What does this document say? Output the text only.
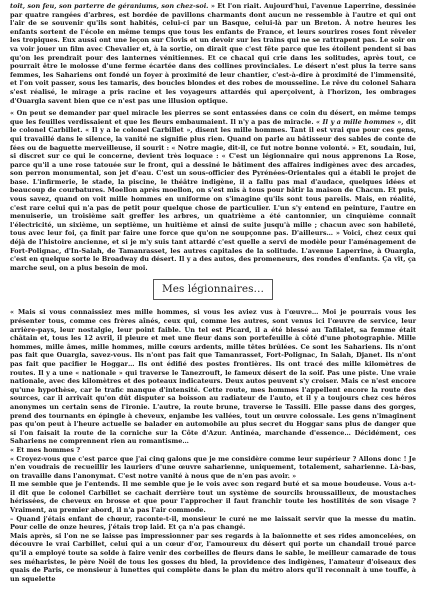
toit, son feu, son parterre de géraniums, son chez-soi. » Et l'on riait. Aujourd'hui, l'avenue Laperrine, dessinée par quatre rangées d'arbres, est bordée de pavillons charmants dont aucun ne ressemble à l'autre et qui ont l'air de se souvenir qu'ils sont habités, celui-ci par un Basque, celui-là par un Breton. À notre heures les enfants sortent de l'école en même temps que tous les enfants de France, et leurs sourires roses font rêveler les tropiques. Eux aussi ont une leçon sur Clovis et un devoir sur les trains qui ne se rattrapent pas. Le soir on va voir jouer un film avec Chevalier et, à la sortie, on dirait que c'est fête parce que les étoilent pendent si bas qu'on les prendrait pour des lanternes vénitiennes. Et ce chacal qui crie dans les solitudes, après tout, ce pourrait être le molosse d'une ferme écartée dans des collines provinciales. Le désert n'est plus la terre sans femmes, les Sahariens ont fondé un foyer à proximité de leur chantier, c'est-à-dire à proximité de l'immensité, et l'on voit passer, sous les tamaris, des boucles blondes et des robes de mousseline. Le rêve du colonel Sahara s'est réalisé, le mirage a pris racine et les voyageurs attardés qui aperçoivent, à l'horizon, les ombrages d'Ouargla savent bien que ce n'est pas une illusion optique.

« On peut se demander par quel miracle les pierres se sont entassées dans ce coin du désert, en même temps que les feuilles verdissaient et que les fleurs embaumaient. Il n'y a pas de miracle. « Il y a mille hommes », dit le colonel Carbillet. « Il y a le colonel Carbillet », disent les mille hommes. Tant il est vrai que pour ces gens, qui travaillé dans le silence, la vanité ne signifie plus rien. Quand on parle au bâtisseur des sables de conte de fées ou de baguette merveilleuse, il sourit : « Notre magie, dit-il, ce fut notre bonne volonté. » Et, soudain, lui, si discret sur ce qui le concerne, devient très loquace : « C'est un légionnaire qui nous apprenons La Rose, parce qu'il a une rose tatouée sur le front, qui a dessiné le bâtiment des affaires indigènes avec des arcades, son perron monumental, son jet d'eau. C'est un sous-officier des Pyrénées-Orientales qui a établi le projet de base. L'infirmerie, le stade, la piscine, le théâtre indigène, il a fallu pas mal d'audace, quelques idées et beaucoup de courbatures. Moellon après moellon, on s'est mis à tous pour bâtir la maison de Chacun. Et puis, vous savez, quand on voit mille hommes en uniforme on s'imagine qu'ils sont tous pareils. Mais, en réalité, c'est rare celui qui n'a pas de petit pour quelque chose de particulier. L'un s'y entend en peinture, l'autre en menuiserie, un troisième sait greffer les arbres, un quatrième a été cantonnier, un cinquième connaît l'électricité, un sixième, un septième, un huitième et ainsi de suite jusqu'à mille ; chacun avec son habileté, tous avec leur foi, ça finit par faire une force que qu'on ne soupçonne pas. D'ailleurs… » Voici, chez ceux qui déjà de l'histoire ancienne, et si je m'y suis tant attardé c'est quelle a servi de modèle pour l'aménagement de Fort-Polignac, d'In-Salah, de Tamanrasset, les autres capitales de la solitude. L'avenue Laperrine, à Ouargla, c'est en quelque sorte le Broadway du désert. Il y a des autos, des promeneurs, des rondes d'enfants. Ça vit, ça marche seul, on a plus besoin de moi.

Mes légionnaires…

« Mais si vous connaissiez mes mille hommes, si vous les aviez vus à l'œuvre… Moi je pourrais vous les présenter tous, comme ces frères aînés, ceux qui, comme les autres, sont venus ici l'œuvre de service, leur arrière-pays, leur nostalgie, leur point faible. Un tel est Picard, il a été blessé au Tafilalet, sa femme était châtain et, tous les 12 avril, il pleure et met une fleur dans son portefeuille à côté d'une photographie. Mille hommes, mille âmes, mille hommes, mille cœurs ardents, mille têtes brûlées. Ce sont les Sahariens. Ils n'ont pas fait que Ouargla, savez-vous. Ils n'ont pas fait que Tamanrasset, Fort-Polignac, In Salah, Djanet. Ils n'ont pas fait que pacifier le Hoggar… Ils ont édifié des postes frontières. Ils ont tracé des mille kilomètres de routes. Il y a une « nationale » qui traverse le Tanezrouft, le fameux désert de la soif. Pas une piste. Une vraie nationale, avec des kilomètres et des poteaux indicateurs. Deux autos peuvent s'y croiser. Mais ce n'est encore qu'une hypothèse, car le trafic manque d'intensité. Cette route, mes hommes l'appellent encore la route des sources, car il arrivait qu'on dût disputer sa boisson au radiateur de l'auto, et il y a toujours chez ces héros anonymes un certain sens de l'ironie. L'autre, la route brune, traverse le Tassili. Elle passe dans des gorges, prend des tournants en épingle à cheveux, enjambe les vallées, tout un œuvre colossale. Les gens n'imaginent pas qu'on peut à l'heure actuelle se balader en automobile au plus secret du Hoggar sans plus de danger que si l'on faisait la route de la corniche sur la Côte d'Azur. Antinéa, marchande d'essence… Décidément, ces Sahariens ne comprennent rien au romantisme…

« Et mes hommes ?

« Croyez-vous que c'est parce que j'ai cinq galons que je me considère comme leur supérieur ? Allons donc ! Je n'en voudrais de recueillir les lauriers d'une œuvre saharienne, uniquement, totalement, saharienne. Là-bas, on travaille dans l'anonymat. C'est notre vanité à nous que de n'en pas avoir. »

Il me semble que je l'entends. Il me semble que je le vois avec son regard buté et sa moue boudeuse. Vous a-t-il dit que le colonel Carbillet se cachait derrière tout un système de sourcils broussailleux, de moustaches hérissées, de cheveux en brosse et que pour l'approcher il faut franchir toute les hostilités de son visage ? Vraiment, au premier abord, il n'a pas l'air commode.

– Quand j'étais enfant de chœur, raconte-t-il, monsieur le curé ne me laissait servir que la messe du matin. Pour celle de onze heures, j'étais trop laid. Et ça n'a pas changé.

Mais après, si l'on ne se laisse pas impressionner par ses regards à la baïonnette et ses rides amoncelées, on découvre le vrai Carbillet, celui qui a un cœur d'or, l'amoureux du désert qui porte un chandail troué parce qu'il a employé toute sa solde à faire venir des corbeilles de fleurs dans le sable, le meilleur camarade de tous ses méharistes, le père Noël de tous les gosses du bled, la providence des indigènes, l'amateur d'oiseaux des quais de Paris, ce monsieur à lunettes qui complète dans le plan du métro alors qu'il reconnaît à une touffe, à un squelette
